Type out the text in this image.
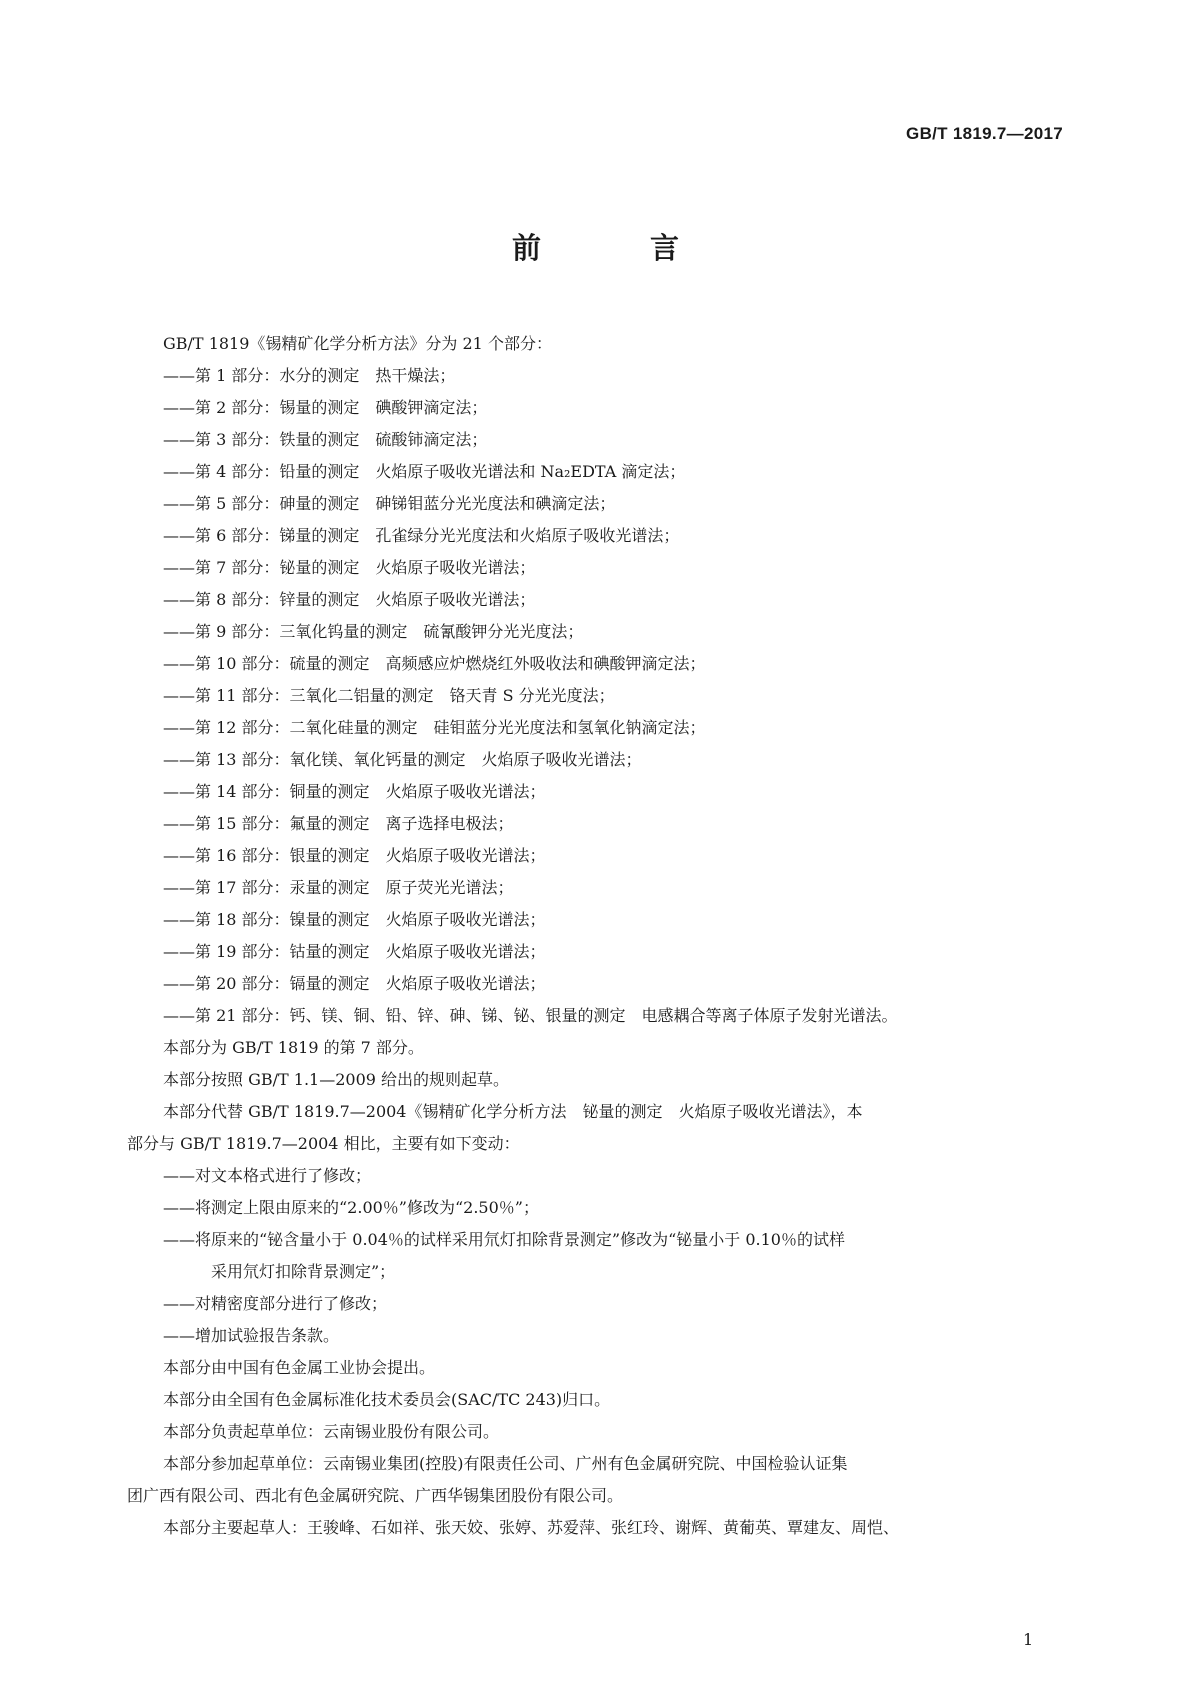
GB/T 1819.7—2017
前　言
GB/T 1819《锡精矿化学分析方法》分为 21 个部分：
——第 1 部分：水分的测定　热干燥法；
——第 2 部分：锡量的测定　碘酸钾滴定法；
——第 3 部分：铁量的测定　硫酸铈滴定法；
——第 4 部分：铅量的测定　火焰原子吸收光谱法和 Na₂EDTA 滴定法；
——第 5 部分：砷量的测定　砷锑钼蓝分光光度法和碘滴定法；
——第 6 部分：锑量的测定　孔雀绿分光光度法和火焰原子吸收光谱法；
——第 7 部分：铋量的测定　火焰原子吸收光谱法；
——第 8 部分：锌量的测定　火焰原子吸收光谱法；
——第 9 部分：三氧化钨量的测定　硫氰酸钾分光光度法；
——第 10 部分：硫量的测定　高频感应炉燃烧红外吸收法和碘酸钾滴定法；
——第 11 部分：三氧化二铝量的测定　铬天青 S 分光光度法；
——第 12 部分：二氧化硅量的测定　硅钼蓝分光光度法和氢氧化钠滴定法；
——第 13 部分：氧化镁、氧化钙量的测定　火焰原子吸收光谱法；
——第 14 部分：铜量的测定　火焰原子吸收光谱法；
——第 15 部分：氟量的测定　离子选择电极法；
——第 16 部分：银量的测定　火焰原子吸收光谱法；
——第 17 部分：汞量的测定　原子荧光光谱法；
——第 18 部分：镍量的测定　火焰原子吸收光谱法；
——第 19 部分：钴量的测定　火焰原子吸收光谱法；
——第 20 部分：镉量的测定　火焰原子吸收光谱法；
——第 21 部分：钙、镁、铜、铅、锌、砷、锑、铋、银量的测定　电感耦合等离子体原子发射光谱法。
本部分为 GB/T 1819 的第 7 部分。
本部分按照 GB/T 1.1—2009 给出的规则起草。
本部分代替 GB/T 1819.7—2004《锡精矿化学分析方法　铋量的测定　火焰原子吸收光谱法》，本
部分与 GB/T 1819.7—2004 相比，主要有如下变动：
——对文本格式进行了修改；
——将测定上限由原来的“2.00％”修改为“2.50％”；
——将原来的“铋含量小于 0.04％的试样采用氘灯扣除背景测定”修改为“铋量小于 0.10％的试样
采用氘灯扣除背景测定”；
——对精密度部分进行了修改；
——增加试验报告条款。
本部分由中国有色金属工业协会提出。
本部分由全国有色金属标准化技术委员会(SAC/TC 243)归口。
本部分负责起草单位：云南锡业股份有限公司。
本部分参加起草单位：云南锡业集团(控股)有限责任公司、广州有色金属研究院、中国检验认证集
团广西有限公司、西北有色金属研究院、广西华锡集团股份有限公司。
本部分主要起草人：王骏峰、石如祥、张天姣、张婷、苏爱萍、张红玲、谢辉、黄葡英、覃建友、周恺、
1
